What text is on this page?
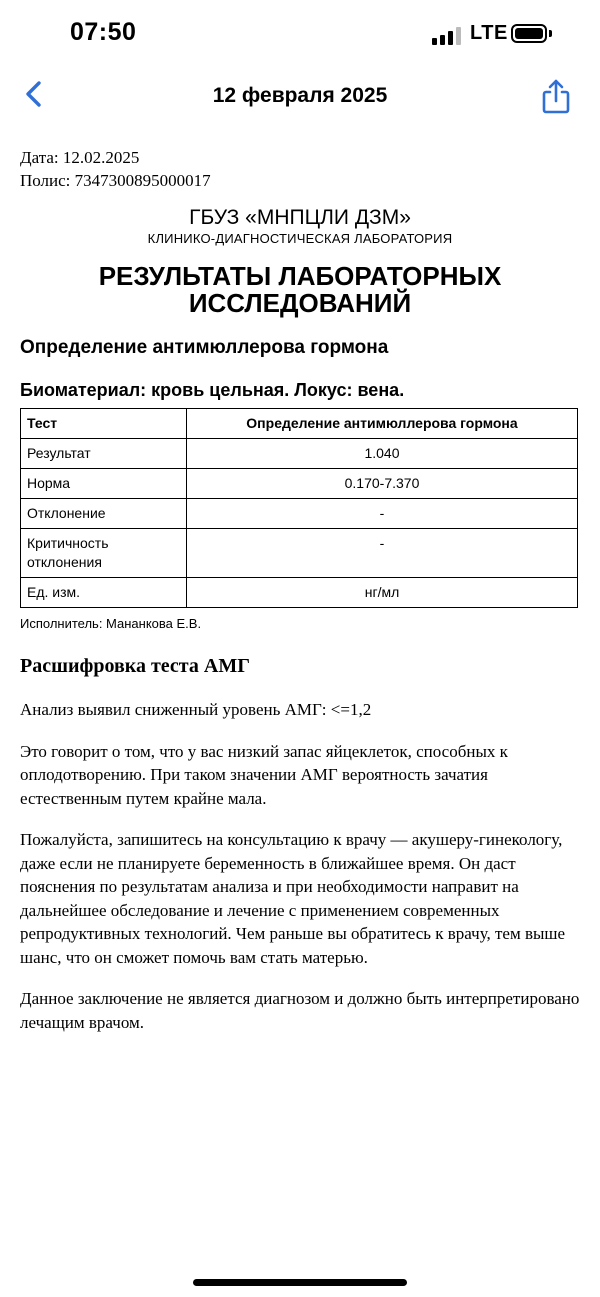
07:50	LTE
12 февраля 2025
Дата: 12.02.2025
Полис: 7347300895000017
ГБУЗ «МНПЦЛИ ДЗМ»
КЛИНИКО-ДИАГНОСТИЧЕСКАЯ ЛАБОРАТОРИЯ
РЕЗУЛЬТАТЫ ЛАБОРАТОРНЫХ
ИССЛЕДОВАНИЙ
Определение антимюллерова гормона
Биоматериал: кровь цельная. Локус: вена.
Тест	Определение антимюллерова гормона
Результат	1.040
Норма	0.170-7.370
Отклонение	-
Критичность отклонения	-
Ед. изм.	нг/мл
Исполнитель: Мананкова Е.В.
Расшифровка теста АМГ
Анализ выявил сниженный уровень АМГ: <=1,2
Это говорит о том, что у вас низкий запас яйцеклеток, способных к оплодотворению. При таком значении АМГ вероятность зачатия естественным путем крайне мала.
Пожалуйста, запишитесь на консультацию к врачу — акушеру-гинекологу, даже если не планируете беременность в ближайшее время. Он даст пояснения по результатам анализа и при необходимости направит на дальнейшее обследование и лечение с применением современных репродуктивных технологий. Чем раньше вы обратитесь к врачу, тем выше шанс, что он сможет помочь вам стать матерью.
Данное заключение не является диагнозом и должно быть интерпретировано лечащим врачом.
